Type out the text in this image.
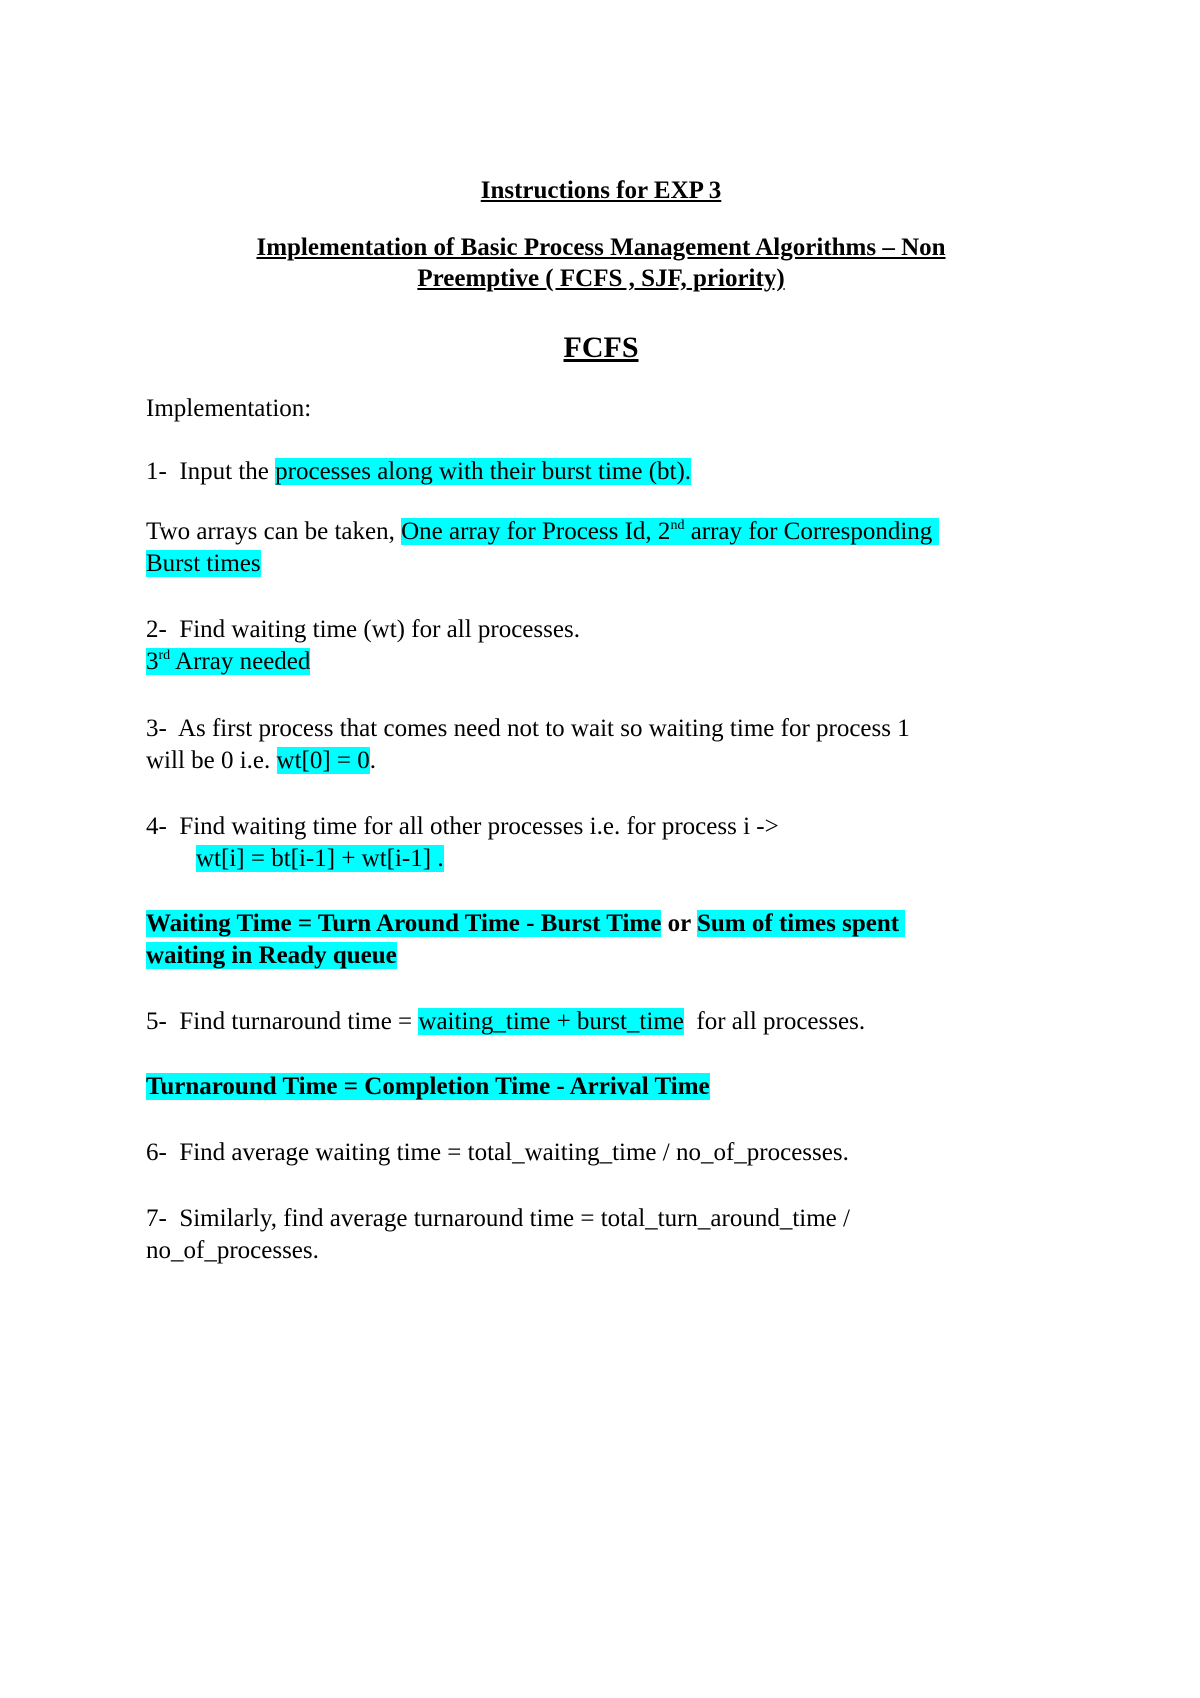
Instructions for EXP 3
Implementation of Basic Process Management Algorithms – Non
Preemptive ( FCFS , SJF, priority)
FCFS
Implementation:
1- Input the processes along with their burst time (bt).
Two arrays can be taken, One array for Process Id, 2nd array for Corresponding
Burst times
2- Find waiting time (wt) for all processes.
3rd Array needed
3- As first process that comes need not to wait so waiting time for process 1
will be 0 i.e. wt[0] = 0.
4- Find waiting time for all other processes i.e. for process i ->
wt[i] = bt[i-1] + wt[i-1] .
Waiting Time = Turn Around Time - Burst Time or Sum of times spent
waiting in Ready queue
5- Find turnaround time = waiting_time + burst_time  for all processes.
Turnaround Time = Completion Time - Arrival Time
6- Find average waiting time = total_waiting_time / no_of_processes.
7- Similarly, find average turnaround time = total_turn_around_time /
no_of_processes.
